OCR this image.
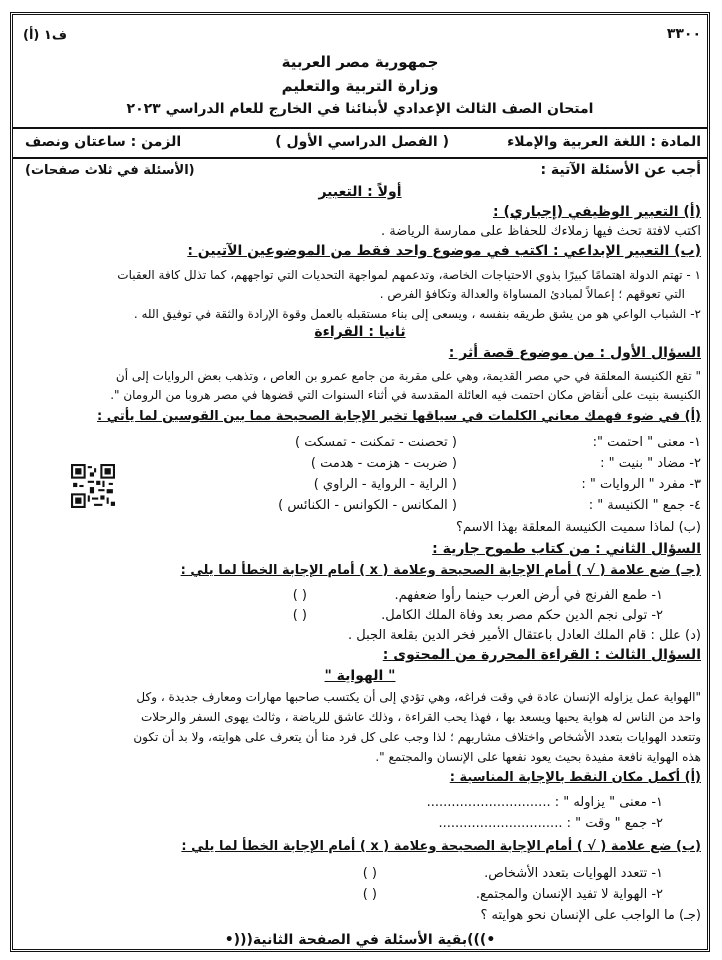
٣٣٠٠
ف١ (أ)
جمهورية مصر العربية
وزارة التربية والتعليم
امتحان الصف الثالث الإعدادي لأبنائنا في الخارج للعام الدراسي ٢٠٢٣
المادة : اللغة العربية والإملاء
( الفصل الدراسي الأول )
الزمن : ساعتان ونصف
أجب عن الأسئلة الآتية :
(الأسئلة في ثلاث صفحات)
أولاً : التعبير
(أ) التعبير الوظيفي (إجباري) :
اكتب لافتة تحث فيها زملاءك للحفاظ على ممارسة الرياضة .
(ب) التعبير الإبداعي : اكتب في موضوع واحد فقط من الموضوعين الآتيين :
١ - تهتم الدولة اهتمامًا كبيرًا بذوي الاحتياجات الخاصة، وتدعمهم لمواجهة التحديات التي تواجههم، كما تذلل كافة العقبات
التي تعوقهم ؛ إعمالاً لمبادئ المساواة والعدالة وتكافؤ الفرص .
٢- الشباب الواعي هو من يشق طريقه بنفسه ، ويسعى إلى بناء مستقبله بالعمل وقوة الإرادة والثقة في توفيق الله .
ثانيا : القراءة
السؤال الأول : من موضوع قصة أثر :
" تقع الكنيسة المعلقة في حي مصر القديمة، وهي على مقربة من جامع عمرو بن العاص ، وتذهب بعض الروايات إلى أن
الكنيسة بنيت على أنقاض مكان احتمت فيه العائلة المقدسة في أثناء السنوات التي قضوها في مصر هروبا من الرومان ".
(أ) في ضوء فهمك معاني الكلمات في سياقها تخير الإجابة الصحيحة مما بين القوسين لما يأتي :
١- معنى " احتمت ":
( تحصنت - تمكنت - تمسكت )
٢- مضاد " بنيت " :
( ضربت - هزمت - هدمت )
٣- مفرد " الروايات " :
( الراية - الرواية - الراوي )
٤- جمع " الكنيسة " :
( المكانس - الكوانس - الكنائس )
(ب) لماذا سميت الكنيسة المعلقة بهذا الاسم؟
السؤال الثاني : من كتاب طموح جارية :
(جـ) ضع علامة ( √ ) أمام الإجابة الصحيحة وعلامة ( x ) أمام الإجابة الخطأ لما يلي :
١- طمع الفرنج في أرض العرب حينما رأوا ضعفهم.
( )
٢- تولى نجم الدين حكم مصر بعد وفاة الملك الكامل.
( )
(د) علل : قام الملك العادل باعتقال الأمير فخر الدين بقلعة الجبل .
السؤال الثالث : القراءة المحررة من المحتوى :
" الهواية "
"الهواية عمل يزاوله الإنسان عادة في وقت فراغه، وهي تؤدي إلى أن يكتسب صاحبها مهارات ومعارف جديدة ، وكل
واحد من الناس له هواية يحبها ويسعد بها ، فهذا يحب القراءة ، وذلك عاشق للرياضة ، وثالث يهوى السفر والرحلات
وتتعدد الهوايات بتعدد الأشخاص واختلاف مشاربهم ؛ لذا وجب على كل فرد منا أن يتعرف على هوايته، ولا بد أن تكون
هذه الهواية نافعة مفيدة بحيث يعود نفعها على الإنسان والمجتمع ".
(أ) أكمل مكان النقط بالإجابة المناسبة :
١- معنى " يزاوله " : ..............................
٢- جمع " وقت " : ..............................
(ب) ضع علامة ( √ ) أمام الإجابة الصحيحة وعلامة ( x ) أمام الإجابة الخطأ لما يلي :
١- تتعدد الهوايات بتعدد الأشخاص.
( )
٢- الهواية لا تفيد الإنسان والمجتمع.
( )
(جـ) ما الواجب على الإنسان نحو هوايته ؟
•)))بقية الأسئلة في الصفحة الثانية(((•
